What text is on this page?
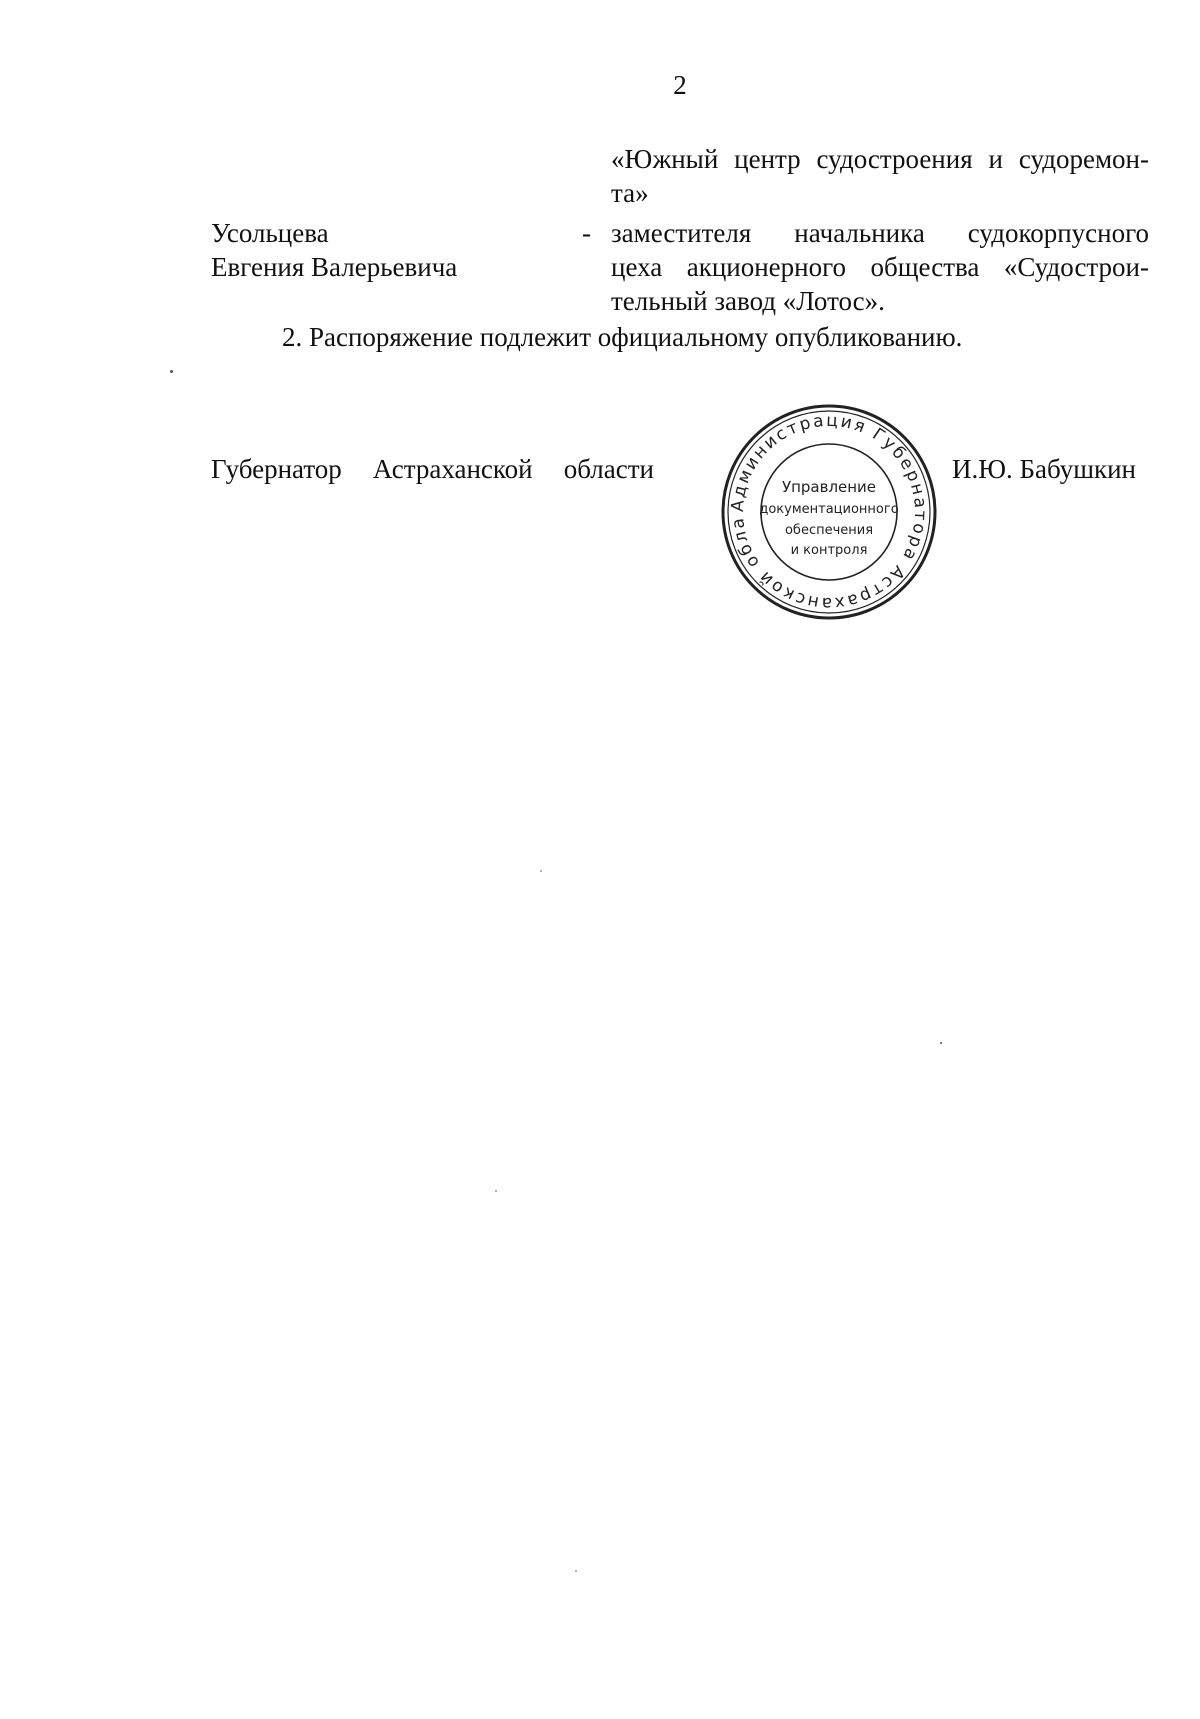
2
«Южный центр судостроения и судоремон-
та»
Усольцева
Евгения Валерьевича
- заместителя начальника судокорпусного
цеха акционерного общества «Судострои-
тельный завод «Лотос».
2. Распоряжение подлежит официальному опубликованию.
Губернатор Астраханской области	И.Ю. Бабушкин
Администрация Губернатора Астраханской обла
Управление
документационного
обеспечения
и контроля
